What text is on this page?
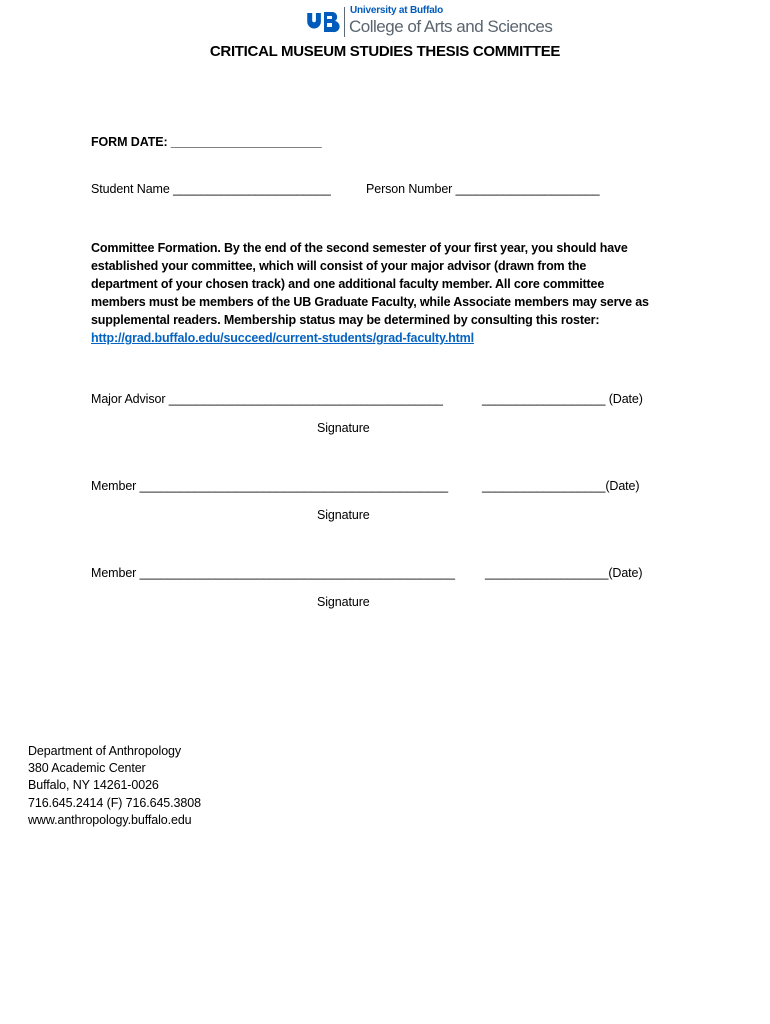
University at Buffalo
College of Arts and Sciences
CRITICAL MUSEUM STUDIES THESIS COMMITTEE
FORM DATE: ______________________
Student Name _______________________	Person Number _____________________
Committee Formation. By the end of the second semester of your first year, you should have
established your committee, which will consist of your major advisor (drawn from the
department of your chosen track) and one additional faculty member. All core committee
members must be members of the UB Graduate Faculty, while Associate members may serve as
supplemental readers. Membership status may be determined by consulting this roster:
http://grad.buffalo.edu/succeed/current-students/grad-faculty.html
Major Advisor ________________________________________	__________________ (Date)
Signature
Member _____________________________________________	__________________(Date)
Signature
Member ______________________________________________ __________________(Date)
Signature
Department of Anthropology
380 Academic Center
Buffalo, NY 14261-0026
716.645.2414 (F) 716.645.3808
www.anthropology.buffalo.edu
